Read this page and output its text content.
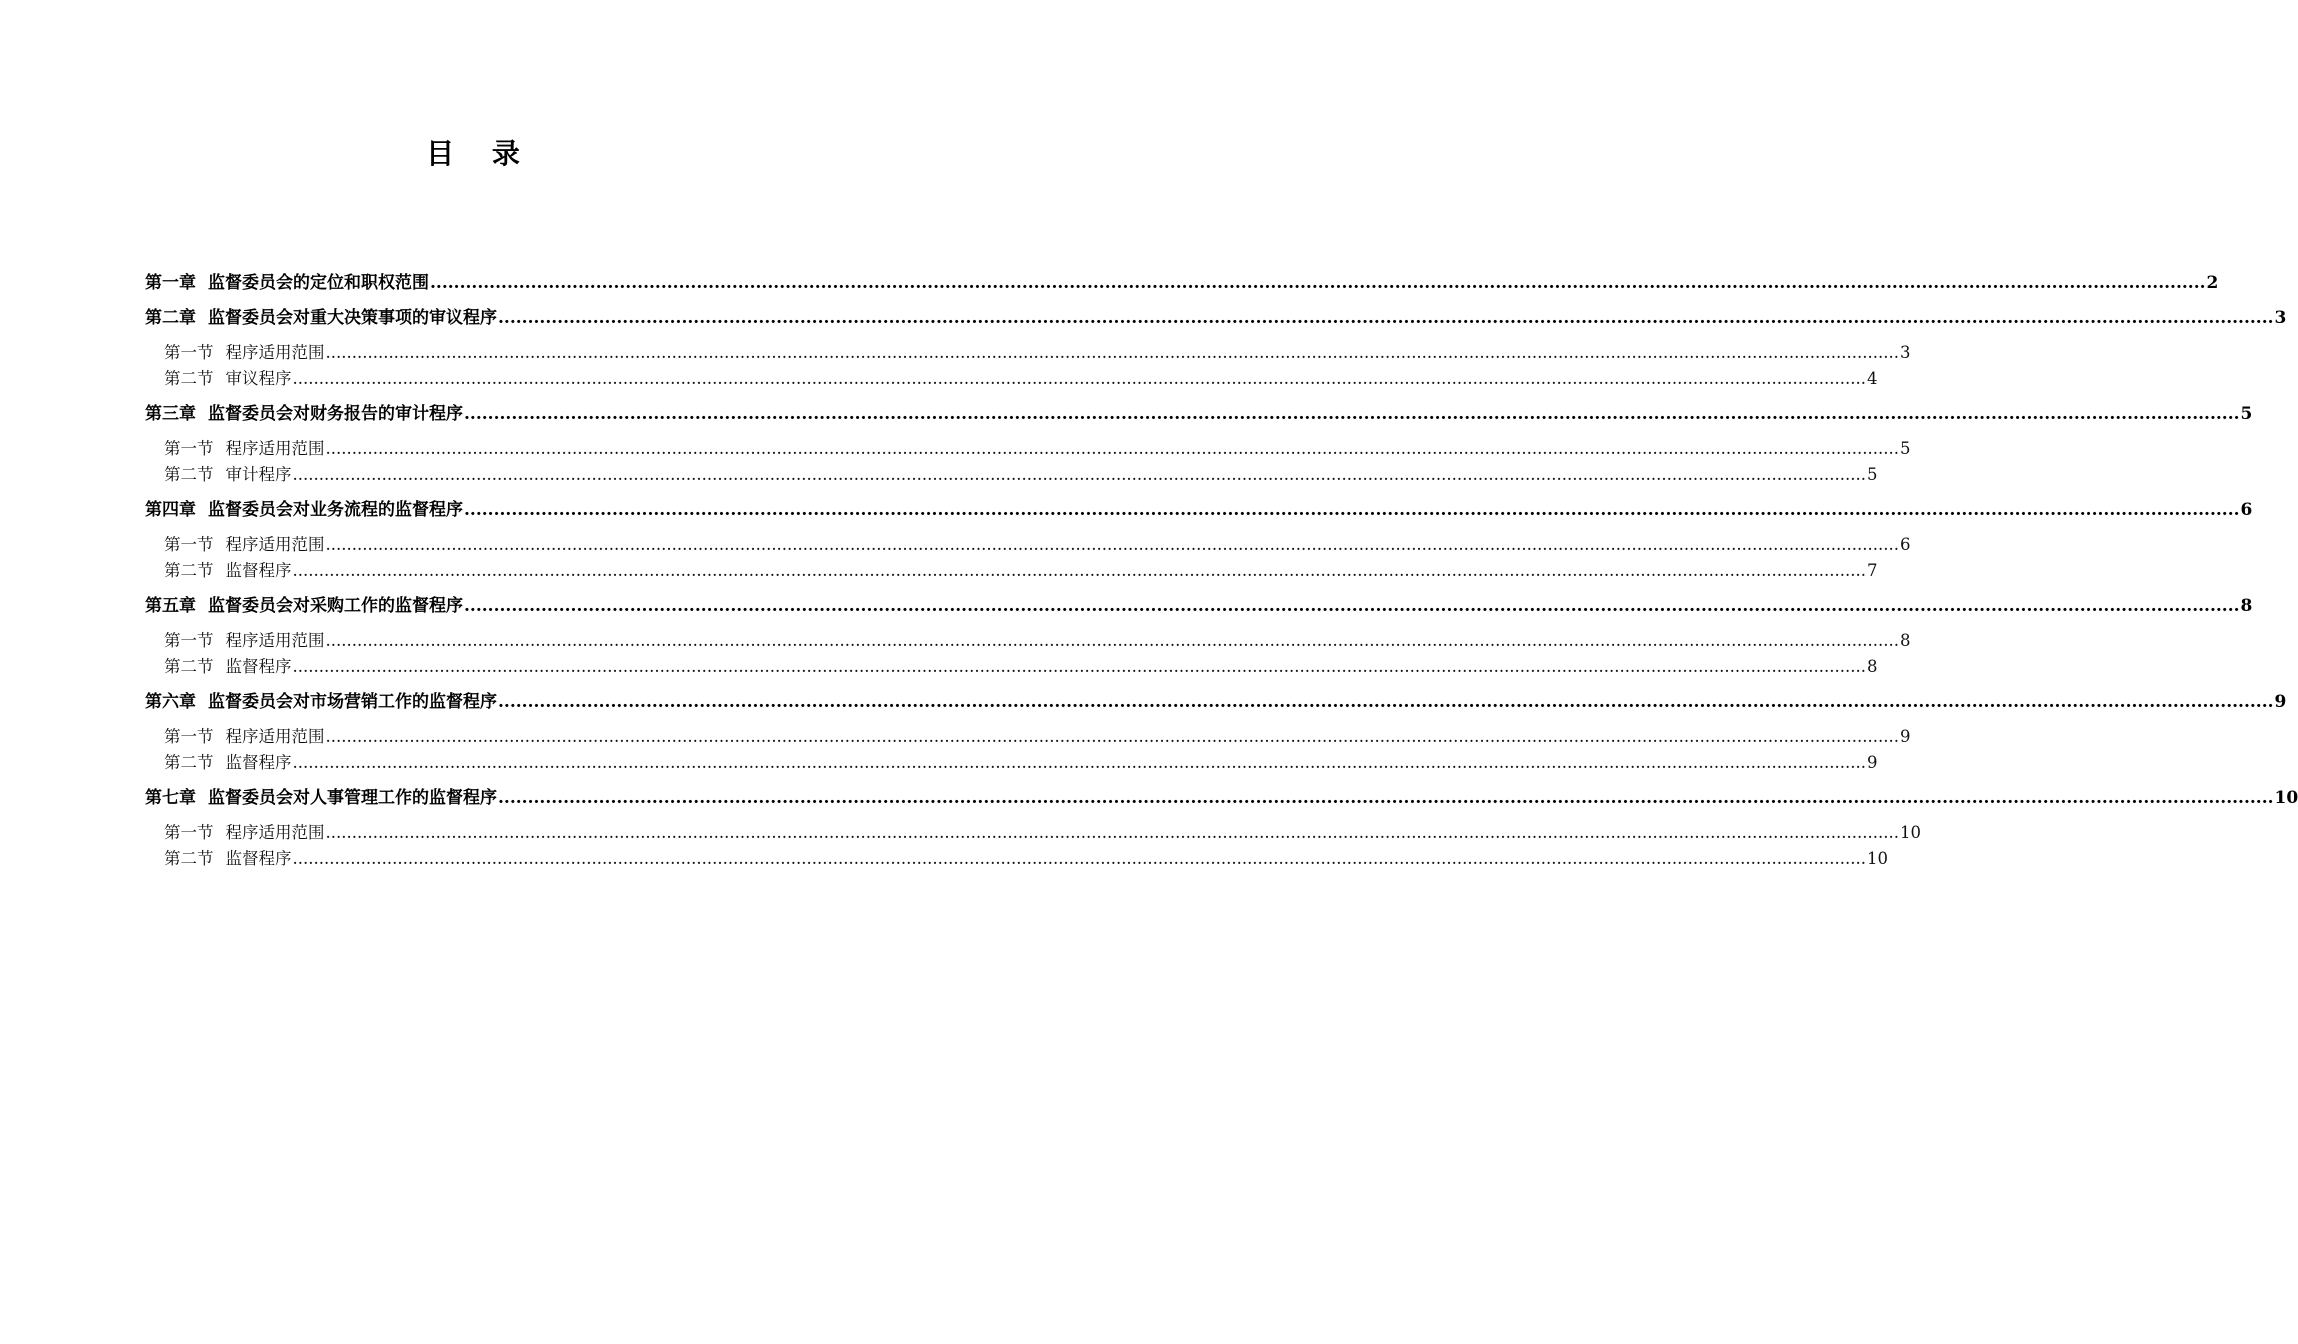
目 录
第一章 监督委员会的定位和职权范围 ............................................................................................................................................................................................................................................................................................................ 2
第二章 监督委员会对重大决策事项的审议程序 ............................................................................................................................................................................................................................................................................................................ 3
第一节 程序适用范围 ............................................................................................................................................................................................................................................................................................................ 3
第二节 审议程序 ............................................................................................................................................................................................................................................................................................................ 4
第三章 监督委员会对财务报告的审计程序 ............................................................................................................................................................................................................................................................................................................ 5
第一节 程序适用范围 ............................................................................................................................................................................................................................................................................................................ 5
第二节 审计程序 ............................................................................................................................................................................................................................................................................................................ 5
第四章 监督委员会对业务流程的监督程序 ............................................................................................................................................................................................................................................................................................................ 6
第一节 程序适用范围 ............................................................................................................................................................................................................................................................................................................ 6
第二节 监督程序 ............................................................................................................................................................................................................................................................................................................ 7
第五章 监督委员会对采购工作的监督程序 ............................................................................................................................................................................................................................................................................................................ 8
第一节 程序适用范围 ............................................................................................................................................................................................................................................................................................................ 8
第二节 监督程序 ............................................................................................................................................................................................................................................................................................................ 8
第六章 监督委员会对市场营销工作的监督程序 ............................................................................................................................................................................................................................................................................................................ 9
第一节 程序适用范围 ............................................................................................................................................................................................................................................................................................................ 9
第二节 监督程序 ............................................................................................................................................................................................................................................................................................................ 9
第七章 监督委员会对人事管理工作的监督程序 ............................................................................................................................................................................................................................................................................................................ 10
第一节 程序适用范围 ............................................................................................................................................................................................................................................................................................................ 10
第二节 监督程序 ............................................................................................................................................................................................................................................................................................................ 10
